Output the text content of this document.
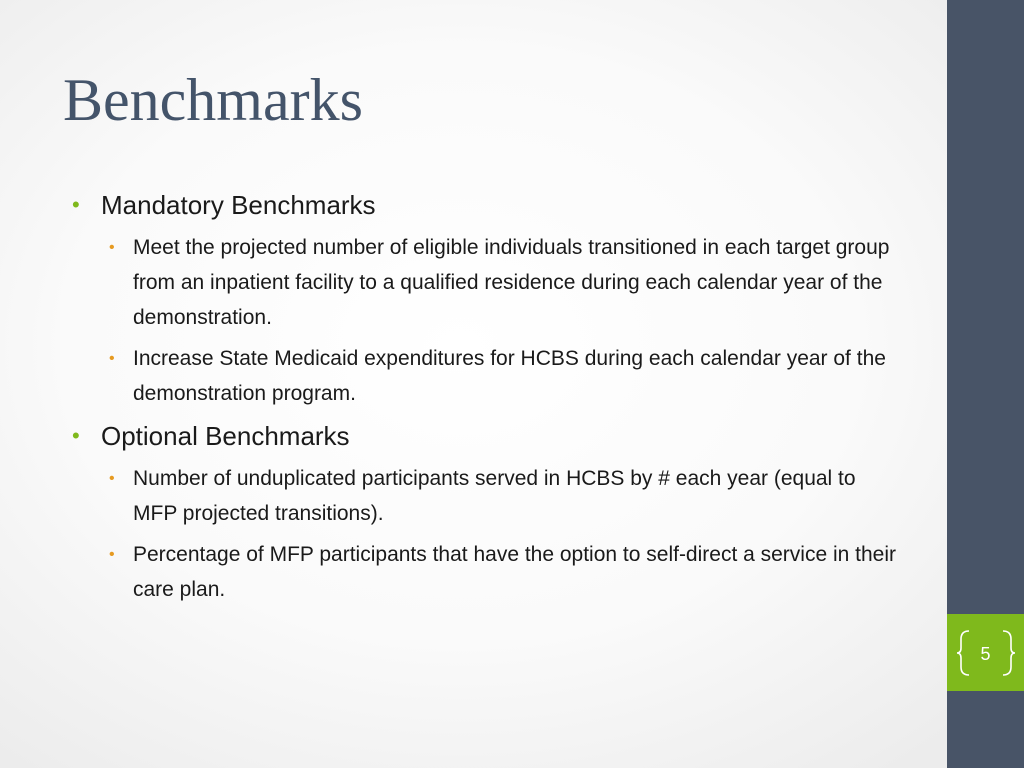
5
Benchmarks
• Mandatory Benchmarks
• Meet the projected number of eligible individuals transitioned in each target group from an inpatient facility to a qualified residence during each calendar year of the demonstration.
• Increase State Medicaid expenditures for HCBS during each calendar year of the demonstration program.
• Optional Benchmarks
• Number of unduplicated participants served in HCBS by # each year (equal to MFP projected transitions).
• Percentage of MFP participants that have the option to self-direct a service in their care plan.
